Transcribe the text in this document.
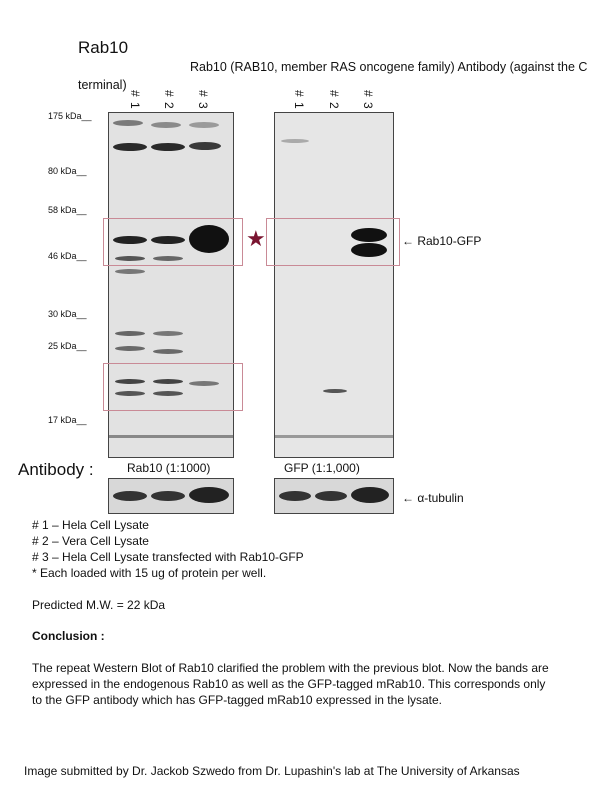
Rab10
Rab10 (RAB10, member RAS oncogene family) Antibody (against the C terminal)
# 1 # 2 # 3	# 1 # 2 # 3
175 kDa__
80 kDa__
58 kDa__
46 kDa__
30 kDa__
25 kDa__
17 kDa__
★	← Rab10-GFP
Antibody :	Rab10 (1:1000)	GFP (1:1,000)
← α-tubulin
# 1 – Hela Cell Lysate
# 2 – Vera Cell Lysate
# 3 – Hela Cell Lysate transfected with Rab10-GFP
* Each loaded with 15 ug of protein per well.
Predicted M.W. = 22 kDa
Conclusion :
The repeat Western Blot of Rab10 clarified the problem with the previous blot. Now the bands are expressed in the endogenous Rab10 as well as the GFP-tagged mRab10. This corresponds only to the GFP antibody which has GFP-tagged mRab10 expressed in the lysate.
Image submitted by Dr. Jackob Szwedo from Dr. Lupashin's lab at The University of Arkansas
